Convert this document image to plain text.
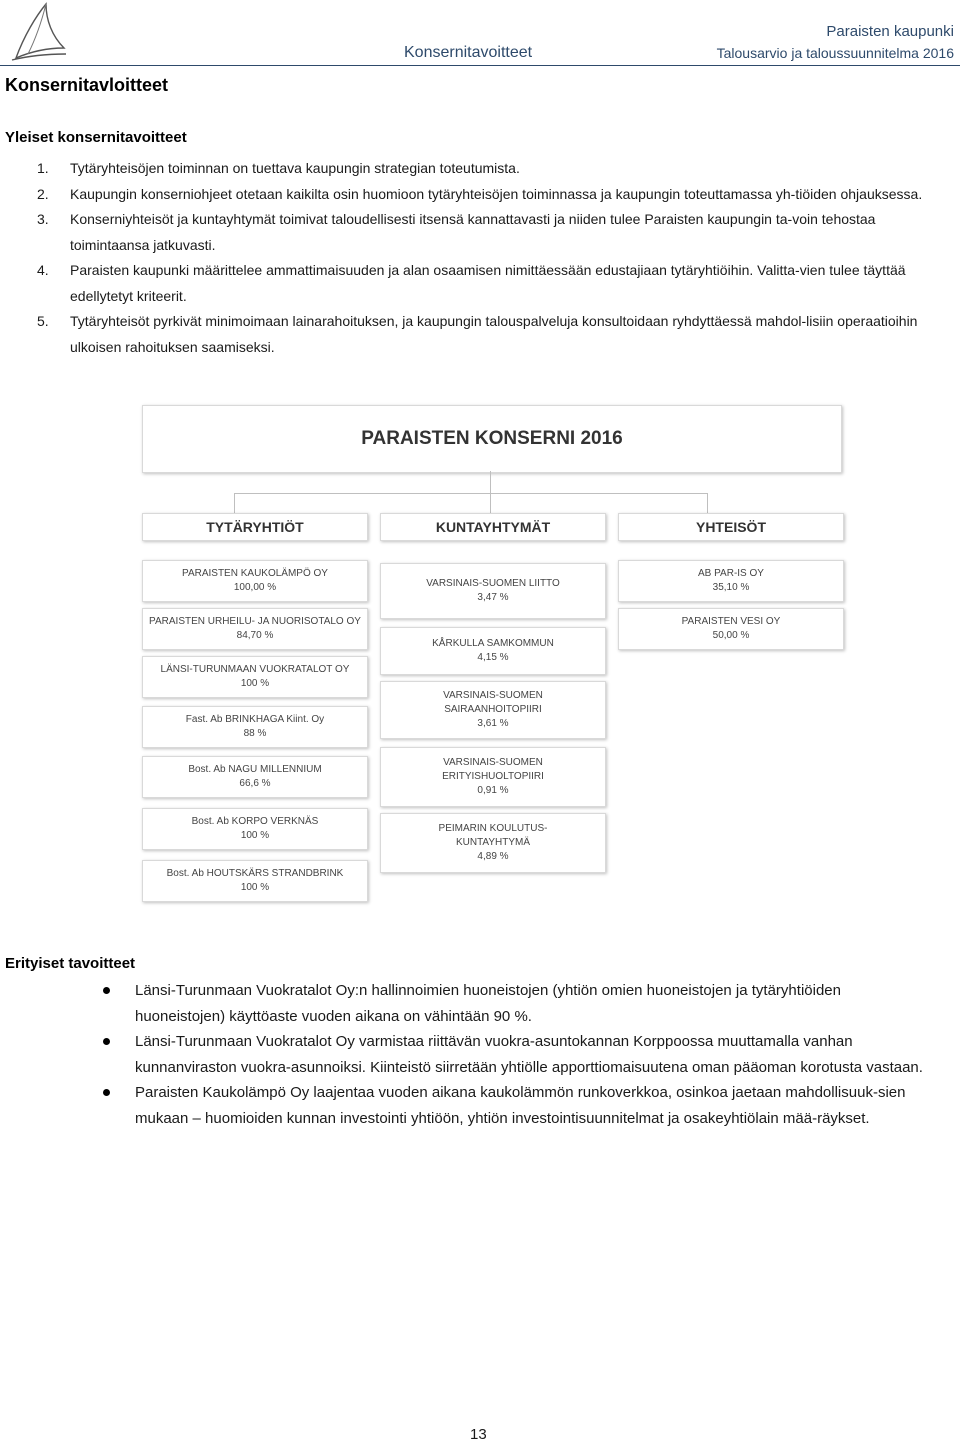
Konsernitavoitteet
Paraisten kaupunki
Talousarvio ja taloussuunnitelma 2016
Konsernitavloitteet
Yleiset konsernitavoitteet
1. Tytäryhteisöjen toiminnan on tuettava kaupungin strategian toteutumista.
2. Kaupungin konserniohjeet otetaan kaikilta osin huomioon tytäryhteisöjen toiminnassa ja kaupungin toteuttamassa yh-tiöiden ohjauksessa.
3. Konserniyhteisöt ja kuntayhtymät toimivat taloudellisesti itsensä kannattavasti ja niiden tulee Paraisten kaupungin ta-voin tehostaa toimintaansa jatkuvasti.
4. Paraisten kaupunki määrittelee ammattimaisuuden ja alan osaamisen nimittäessään edustajiaan tytäryhtiöihin. Valitta-vien tulee täyttää edellytetyt kriteerit.
5. Tytäryhteisöt pyrkivät minimoimaan lainarahoituksen, ja kaupungin talouspalveluja konsultoidaan ryhdyttäessä mahdol-lisiin operaatioihin ulkoisen rahoituksen saamiseksi.
PARAISTEN KONSERNI 2016
TYTÄRYHTIÖT	KUNTAYHTYMÄT	YHTEISÖT
PARAISTEN KAUKOLÄMPÖ OY
100,00 %
PARAISTEN URHEILU- JA NUORISOTALO OY
84,70 %
LÄNSI-TURUNMAAN VUOKRATALOT OY
100 %
Fast. Ab BRINKHAGA Kiint. Oy
88 %
Bost. Ab NAGU MILLENNIUM
66,6 %
Bost. Ab KORPO VERKNÄS
100 %
Bost. Ab HOUTSKÄRS STRANDBRINK
100 %
VARSINAIS-SUOMEN LIITTO
3,47 %
KÅRKULLA SAMKOMMUN
4,15 %
VARSINAIS-SUOMEN
SAIRAANHOITOPIIRI
3,61 %
VARSINAIS-SUOMEN
ERITYISHUOLTOPIIRI
0,91 %
PEIMARIN KOULUTUS-
KUNTAYHTYMÄ
4,89 %
AB PAR-IS OY
35,10 %
PARAISTEN VESI OY
50,00 %
Erityiset tavoitteet
Länsi-Turunmaan Vuokratalot Oy:n hallinnoimien huoneistojen (yhtiön omien huoneistojen ja tytäryhtiöiden huoneistojen) käyttöaste vuoden aikana on vähintään 90 %.
Länsi-Turunmaan Vuokratalot Oy varmistaa riittävän vuokra-asuntokannan Korppoossa muuttamalla vanhan kunnanviraston vuokra-asunnoiksi. Kiinteistö siirretään yhtiölle apporttiomaisuutena oman pääoman korotusta vastaan.
Paraisten Kaukolämpö Oy laajentaa vuoden aikana kaukolämmön runkoverkkoa, osinkoa jaetaan mahdollisuuk-sien mukaan – huomioiden kunnan investointi yhtiöön, yhtiön investointisuunnitelmat ja osakeyhtiölain mää-räykset.
13
